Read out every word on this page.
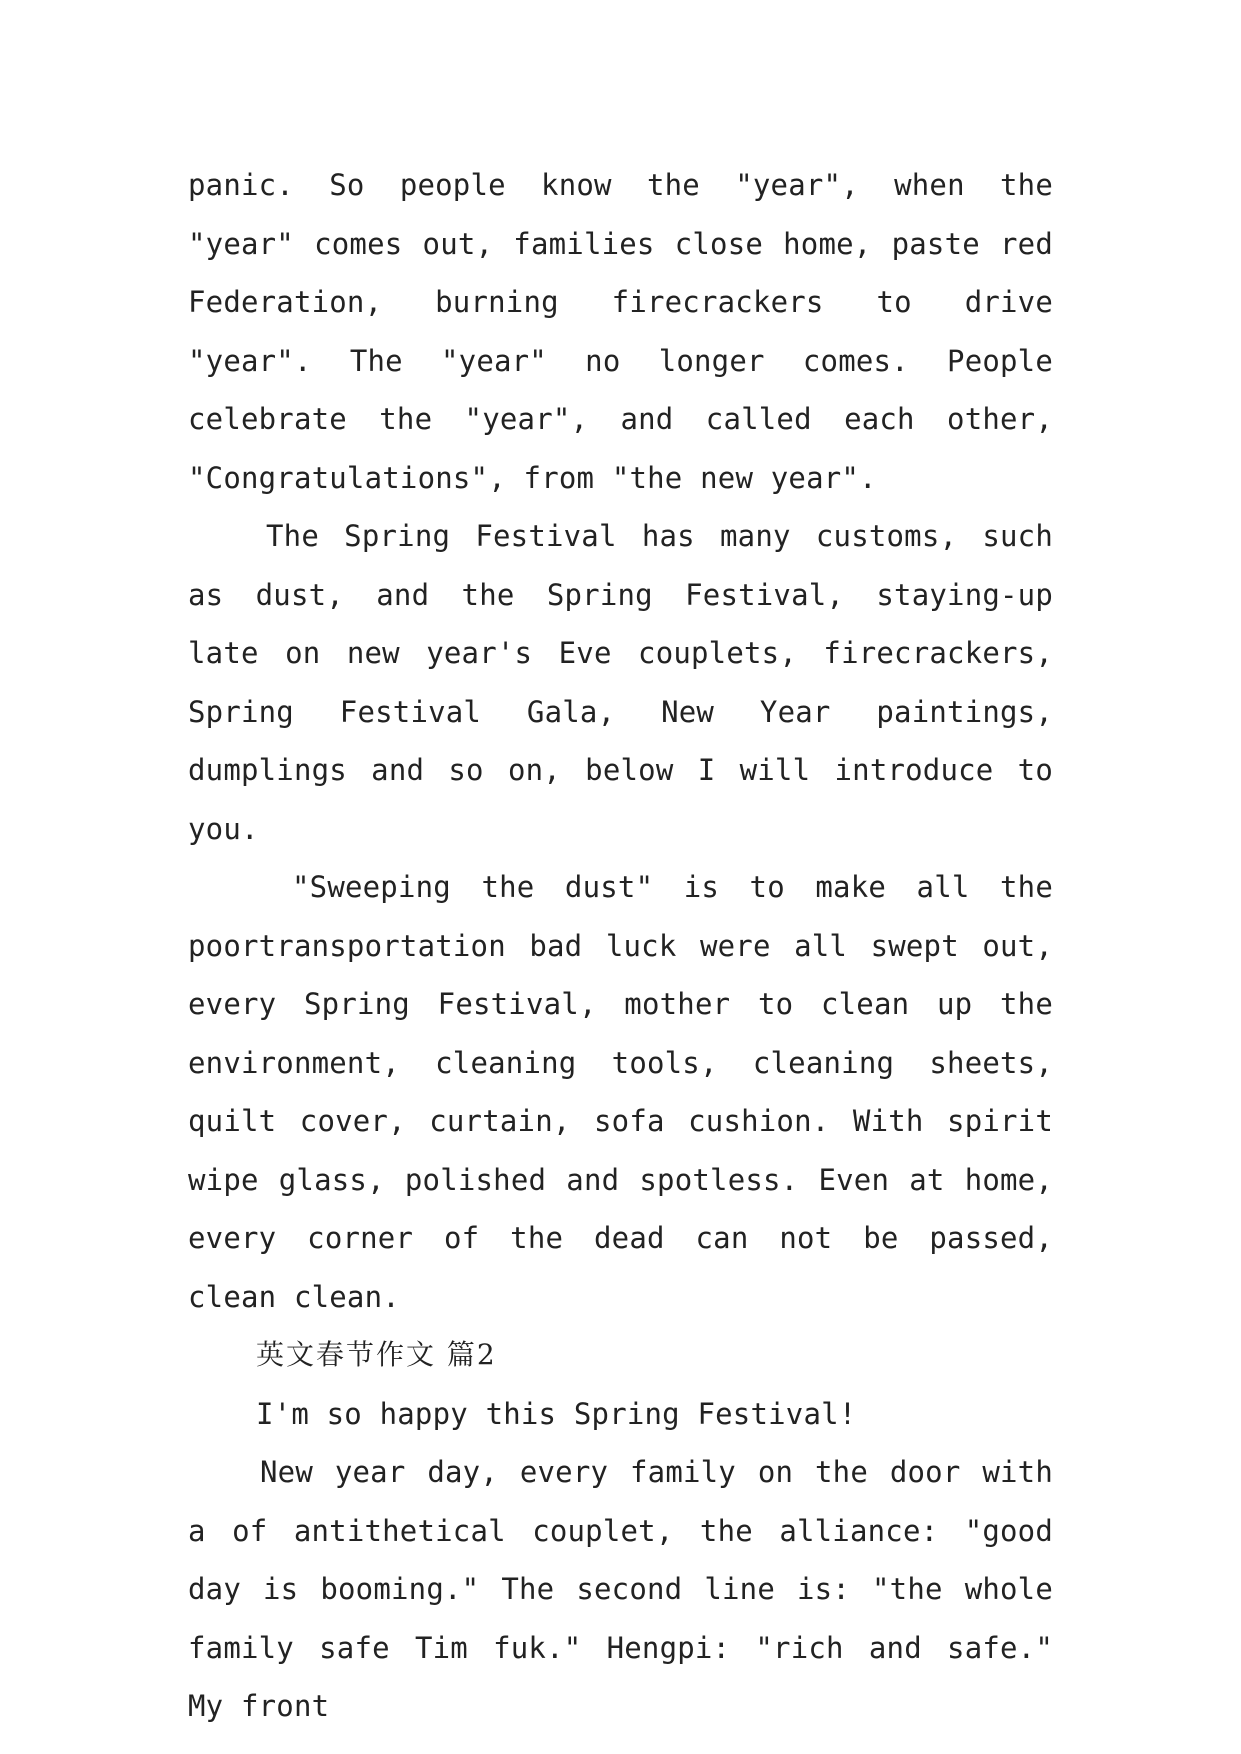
panic. So people know the "year", when the "year" comes out, families close home, paste red Federation, burning firecrackers to drive "year". The "year" no longer comes. People celebrate the "year", and called each other, "Congratulations", from "the new year".

The Spring Festival has many customs, such as dust, and the Spring Festival, staying-up late on new year's Eve couplets, firecrackers, Spring Festival Gala, New Year paintings, dumplings and so on, below I will introduce to you.

"Sweeping the dust" is to make all the poortransportation bad luck were all swept out, every Spring Festival, mother to clean up the environment, cleaning tools, cleaning sheets, quilt cover, curtain, sofa cushion. With spirit wipe glass, polished and spotless. Even at home, every corner of the dead can not be passed, clean clean.

英文春节作文 篇2

I'm so happy this Spring Festival!

New year day, every family on the door with a of antithetical couplet, the alliance: "good day is booming." The second line is: "the whole family safe Tim fuk." Hengpi: "rich and safe." My front
